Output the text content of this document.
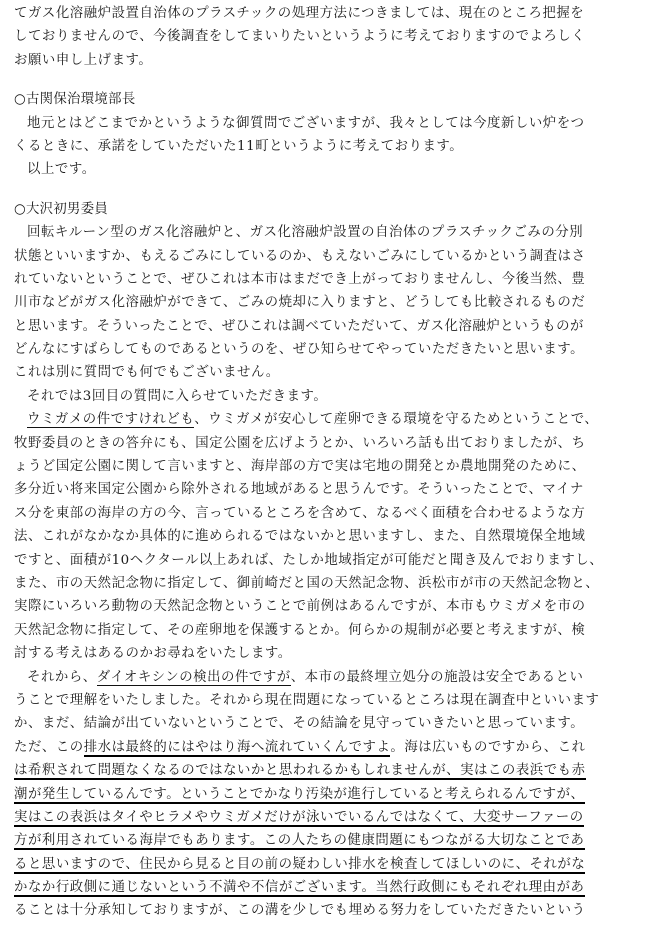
てガス化溶融炉設置自治体のプラスチックの処理方法につきましては、現在のところ把握を
しておりませんので、今後調査をしてまいりたいというように考えておりますのでよろしく
お願い申し上げます。
○古関保治環境部長
地元とはどこまでかというような御質問でございますが、我々としては今度新しい炉をつ
くるときに、承諾をしていただいた11町というように考えております。
以上です。
○大沢初男委員
回転キルーン型のガス化溶融炉と、ガス化溶融炉設置の自治体のプラスチックごみの分別
状態といいますか、もえるごみにしているのか、もえないごみにしているかという調査はさ
れていないということで、ぜひこれは本市はまだでき上がっておりませんし、今後当然、豊
川市などがガス化溶融炉ができて、ごみの焼却に入りますと、どうしても比較されるものだ
と思います。そういったことで、ぜひこれは調べていただいて、ガス化溶融炉というものが
どんなにすばらしてものであるというのを、ぜひ知らせてやっていただきたいと思います。
これは別に質問でも何でもございません。
それでは3回目の質問に入らせていただきます。
ウミガメの件ですけれども、ウミガメが安心して産卵できる環境を守るためということで、
牧野委員のときの答弁にも、国定公園を広げようとか、いろいろ話も出ておりましたが、ち
ょうど国定公園に関して言いますと、海岸部の方で実は宅地の開発とか農地開発のために、
多分近い将来国定公園から除外される地域があると思うんです。そういったことで、マイナ
ス分を東部の海岸の方の今、言っているところを含めて、なるべく面積を合わせるような方
法、これがなかなか具体的に進められるではないかと思いますし、また、自然環境保全地域
ですと、面積が10ヘクタール以上あれば、たしか地域指定が可能だと聞き及んでおりますし、
また、市の天然記念物に指定して、御前崎だと国の天然記念物、浜松市が市の天然記念物と、
実際にいろいろ動物の天然記念物ということで前例はあるんですが、本市もウミガメを市の
天然記念物に指定して、その産卵地を保護するとか。何らかの規制が必要と考えますが、検
討する考えはあるのかお尋ねをいたします。
それから、ダイオキシンの検出の件ですが、本市の最終埋立処分の施設は安全であるとい
うことで理解をいたしました。それから現在問題になっているところは現在調査中といいます
か、まだ、結論が出ていないということで、その結論を見守っていきたいと思っています。
ただ、この排水は最終的にはやはり海へ流れていくんですよ。海は広いものですから、これ
は希釈されて問題なくなるのではないかと思われるかもしれませんが、実はこの表浜でも赤
潮が発生しているんです。ということでかなり汚染が進行していると考えられるんですが、
実はこの表浜はタイやヒラメやウミガメだけが泳いでいるんではなくて、大変サーファーの
方が利用されている海岸でもあります。この人たちの健康問題にもつながる大切なことであ
ると思いますので、住民から見ると目の前の疑わしい排水を検査してほしいのに、それがな
かなか行政側に通じないという不満や不信がございます。当然行政側にもそれぞれ理由があ
ることは十分承知しておりますが、この溝を少しでも埋める努力をしていただきたいという
